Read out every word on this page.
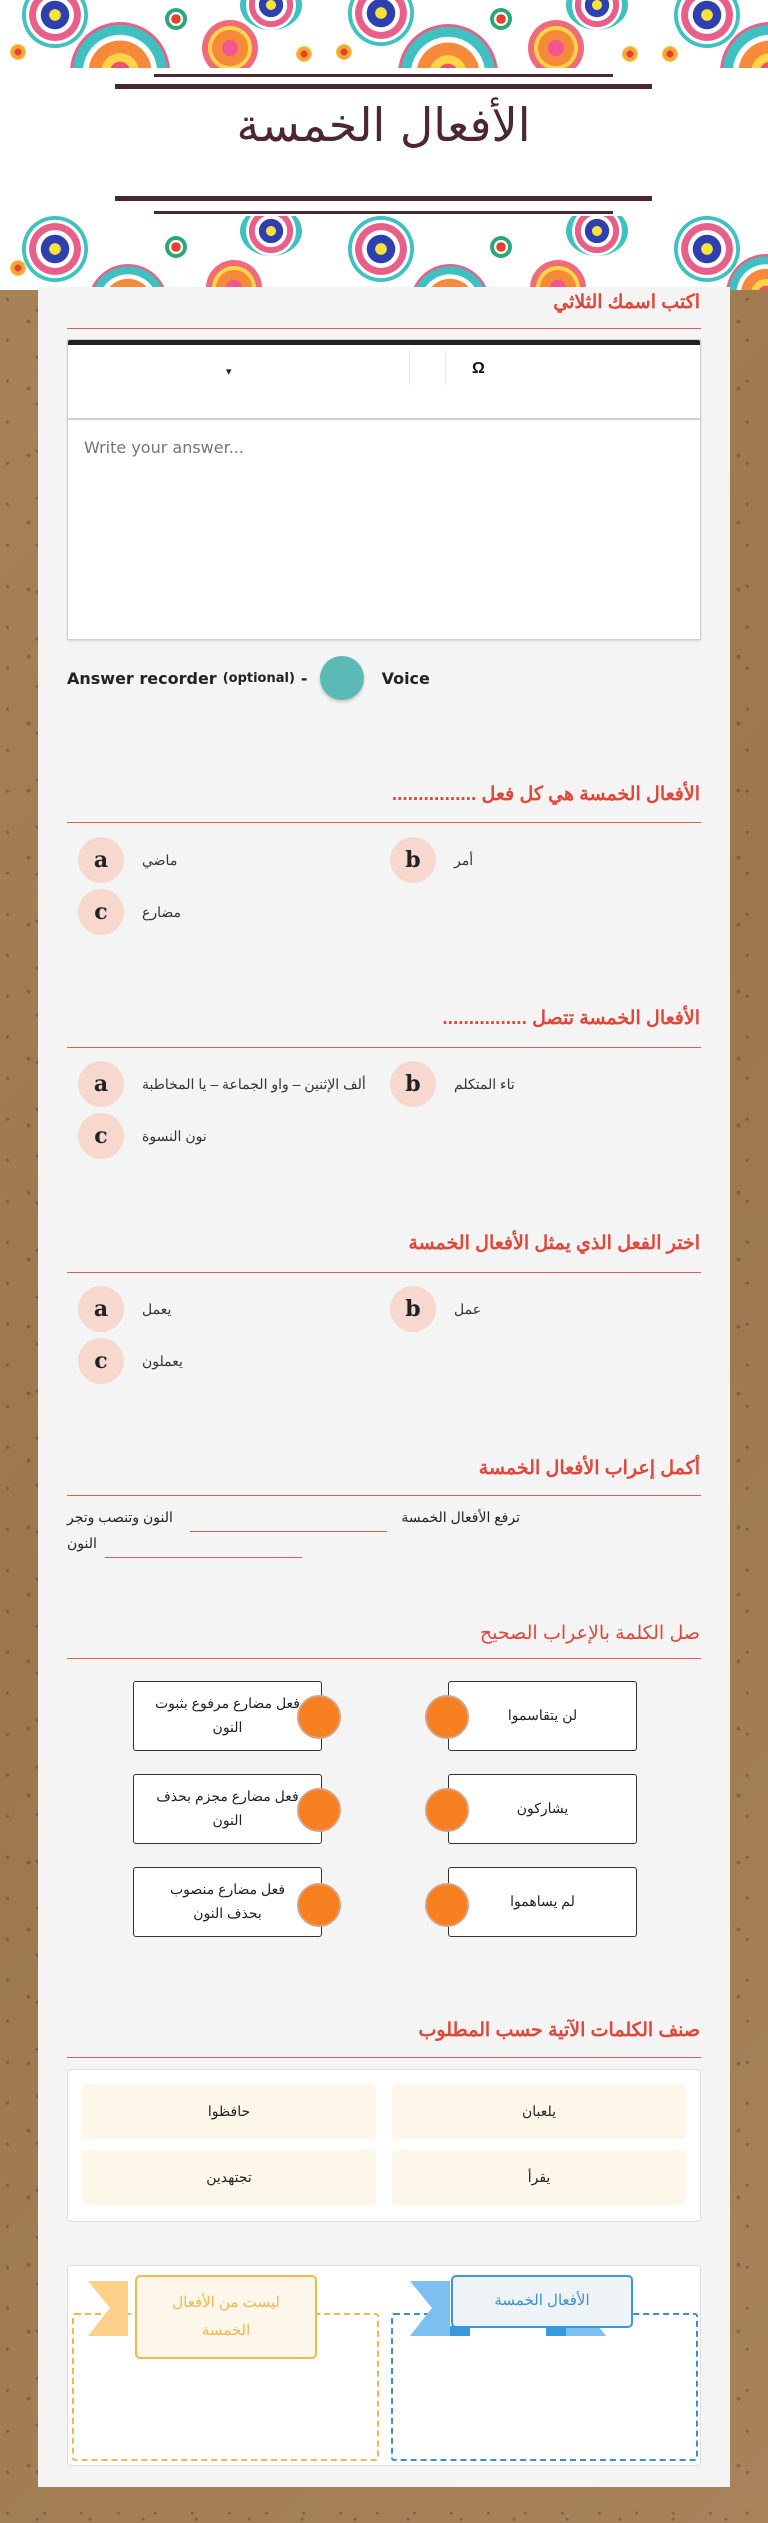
الأفعال الخمسة
اكتب اسمك الثلاثي
▾	Ω
Write your answer...
Answer recorder (optional) -	Voice
الأفعال الخمسة هي كل فعل ................
a	ماضي	b	أمر
c	مضارع
الأفعال الخمسة تتصل ................
a	ألف الإثنين – واو الجماعة – يا المخاطبة	b	تاء المتكلم
c	نون النسوة
اختر الفعل الذي يمثل الأفعال الخمسة
a	يعمل	b	عمل
c	يعملون
أكمل إعراب الأفعال الخمسة
ترفع الأفعال الخمسة
النون وتنصب وتجر
النون
صل الكلمة بالإعراب الصحيح
فعل مضارع مرفوع بثبوت النون
لن يتقاسموا
فعل مضارع مجزم بحذف النون
يشاركون
فعل مضارع منصوب بحذف النون
لم يساهموا
صنف الكلمات الآتية حسب المطلوب
يلعبان
حافظوا
يقرأ
تجتهدين
ليست من الأفعال الخمسة
الأفعال الخمسة
